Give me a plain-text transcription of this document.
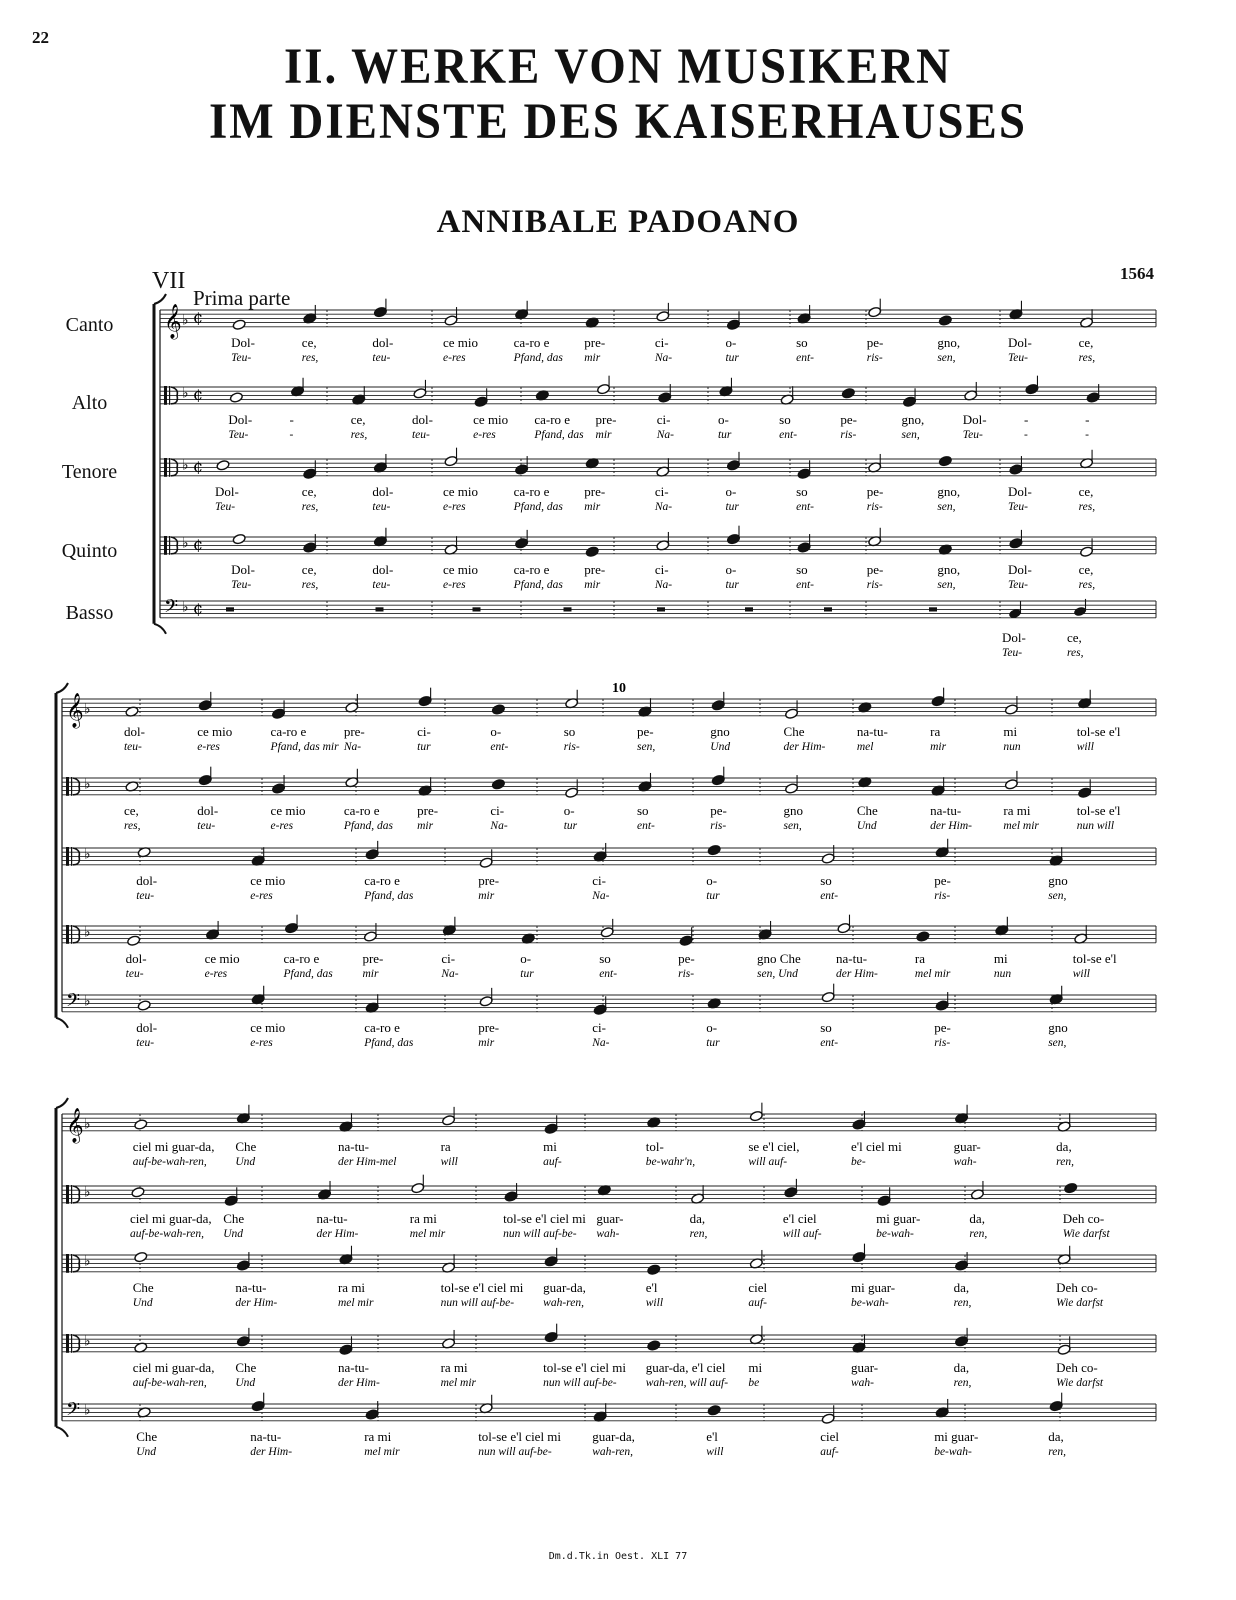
22
II. WERKE VON MUSIKERN
IM DIENSTE DES KAISERHAUSES
ANNIBALE PADOANO
1564
VII
Prima parte
Canto
Alto
Tenore
Quinto
Basso
𝄞 ♭ ¢
Dol-	ce,	dol-	ce mio	ca-ro e	pre-	ci-	o-	so	pe-	gno,	Dol-	ce,
Teu-	res,	teu-	e-res	Pfand, das mir	Na-	tur	ent-	ris-	sen,	Teu-	res,
♭ ¢
Dol-	-	ce,	dol-	ce mio ca-ro e pre-	ci-	o-	so	pe-	gno,	Dol-	-	-
Teu-	-	res,	teu-	e-res	Pfand, das mir	Na-	tur	ent-	ris-	sen,	Teu-	-	-
♭ ¢
Dol-	ce,	dol-	ce mio	ca-ro e	pre-	ci-	o-	so	pe-	gno,	Dol-	ce,
Teu-	res,	teu-	e-res	Pfand, das mir	Na-	tur	ent-	ris-	sen,	Teu-	res,
♭ ¢
Dol-	ce,	dol-	ce mio	ca-ro e	pre-	ci-	o-	so	pe-	gno,	Dol-	ce,
Teu-	res,	teu-	e-res	Pfand, das mir	Na-	tur	ent-	ris-	sen,	Teu-	res,
𝄢 ♭ ¢
Dol-	ce,
Teu-	res,
𝄞 ♭
dol-	ce mio	ca-ro e	pre-	ci-	o-	so	pe-	gno	Che	na-tu-	ra	mi	tol-se e'l
teu-	e-res	Pfand, das mir Na-	tur	ent-	ris-	sen,	Und	der Him-	mel	mir	nun	will
♭
ce,	dol-	ce mio	ca-ro e	pre-	ci-	o-	so	pe-	gno	Che	na-tu-	ra mi	tol-se e'l
res,	teu-	e-res	Pfand, das mir	Na-	tur	ent-	ris-	sen,	Und	der Him-	mel mir	nun will
♭
dol-	ce mio	ca-ro e	pre-	ci-	o-	so	pe-	gno
teu-	e-res	Pfand, das	mir	Na-	tur	ent-	ris-	sen,
♭
dol-	ce mio	ca-ro e	pre-	ci-	o-	so	pe-	gno Che	na-tu-	ra	mi	tol-se e'l
teu-	e-res	Pfand, das	mir	Na-	tur	ent-	ris-	sen, Und	der Him-	mel mir	nun	will
𝄢 ♭
dol-	ce mio	ca-ro e	pre-	ci-	o-	so	pe-	gno
teu-	e-res	Pfand, das	mir	Na-	tur	ent-	ris-	sen,
𝄞 ♭
ciel mi guar-da, Che	na-tu-	ra	mi	tol-	se e'l ciel,	e'l ciel mi	guar-	da,
auf-be-wah-ren, Und	der Him-mel	will	auf-	be-wahr'n,	will auf-	be-	wah-	ren,
♭
ciel mi guar-da, Che	na-tu-	ra mi	tol-se e'l ciel mi guar-	da,	e'l ciel	mi guar-	da,	Deh co-
auf-be-wah-ren, Und	der Him-	mel mir	nun will auf-be- wah-	ren,	will auf-	be-wah-	ren,	Wie darfst
♭
Che	na-tu-	ra mi	tol-se e'l ciel mi guar-da,	e'l	ciel	mi guar-	da,	Deh co-
Und	der Him-	mel mir	nun will auf-be-	wah-ren,	will	auf-	be-wah-	ren,	Wie darfst
♭
ciel mi guar-da, Che	na-tu-	ra mi	tol-se e'l ciel mi guar-da, e'l ciel mi	guar-	da,	Deh co-
auf-be-wah-ren, Und	der Him-	mel mir	nun will auf-be-	wah-ren, will auf- be	wah-	ren,	Wie darfst
𝄢 ♭
Che	na-tu-	ra mi	tol-se e'l ciel mi guar-da,	e'l	ciel	mi guar-	da,
Und	der Him-	mel mir	nun will auf-be-	wah-ren,	will	auf-	be-wah-	ren,
10
Dm.d.Tk.in Oest. XLI 77
